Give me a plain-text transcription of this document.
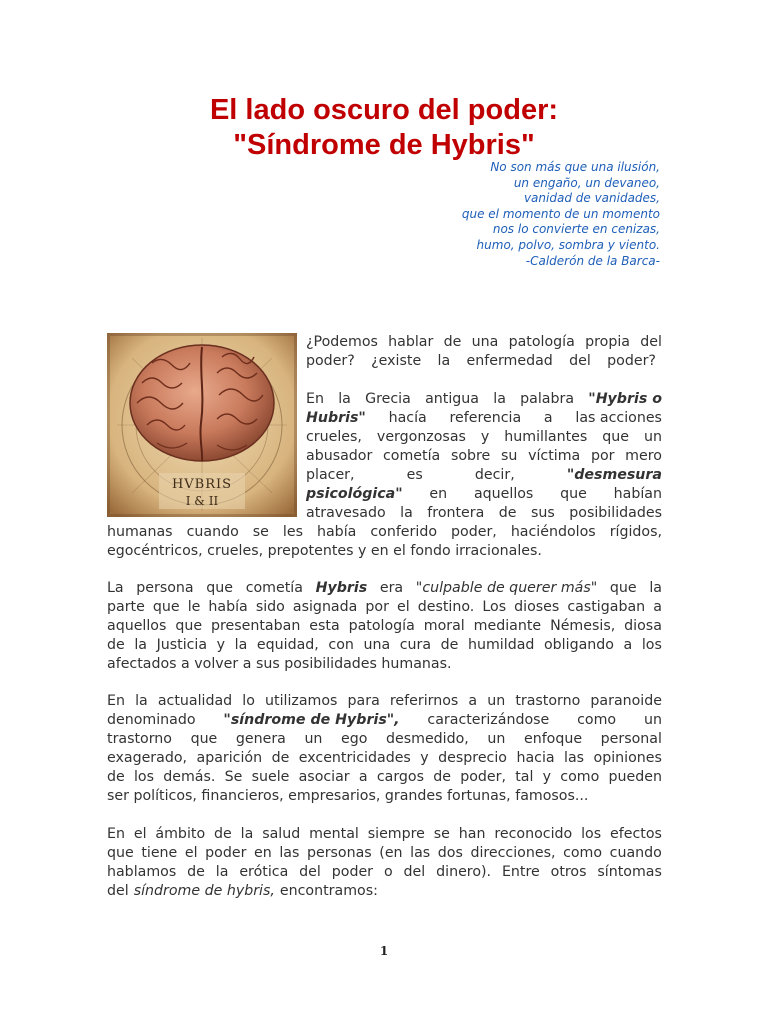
El lado oscuro del poder:
"Síndrome de Hybris"
No son más que una ilusión,
un engaño, un devaneo,
vanidad de vanidades,
que el momento de un momento
nos lo convierte en cenizas,
humo, polvo, sombra y viento.
-Calderón de la Barca-
HVBRIS
I & II
¿Podemos hablar de una patología propia del
poder? ¿existe la enfermedad del poder?
En la Grecia antigua la palabra "Hybris o
Hubris" hacía referencia a las acciones
crueles, vergonzosas y humillantes que un
abusador cometía sobre su víctima por mero
placer,	es	decir,	"desmesura
psicológica" en aquellos que habían
atravesado la frontera de sus posibilidades
humanas cuando se les había conferido poder, haciéndolos rígidos,
egocéntricos, crueles, prepotentes y en el fondo irracionales.
La persona que cometía Hybris era "culpable de querer más" que la
parte que le había sido asignada por el destino. Los dioses castigaban a
aquellos que presentaban esta patología moral mediante Némesis, diosa
de la Justicia y la equidad, con una cura de humildad obligando a los
afectados a volver a sus posibilidades humanas.
En la actualidad lo utilizamos para referirnos a un trastorno paranoide
denominado "síndrome de Hybris", caracterizándose como un
trastorno que genera un ego desmedido, un enfoque personal
exagerado, aparición de excentricidades y desprecio hacia las opiniones
de los demás. Se suele asociar a cargos de poder, tal y como pueden
ser políticos, financieros, empresarios, grandes fortunas, famosos...
En el ámbito de la salud mental siempre se han reconocido los efectos
que tiene el poder en las personas (en las dos direcciones, como cuando
hablamos de la erótica del poder o del dinero). Entre otros síntomas
del síndrome de hybris, encontramos:
1
